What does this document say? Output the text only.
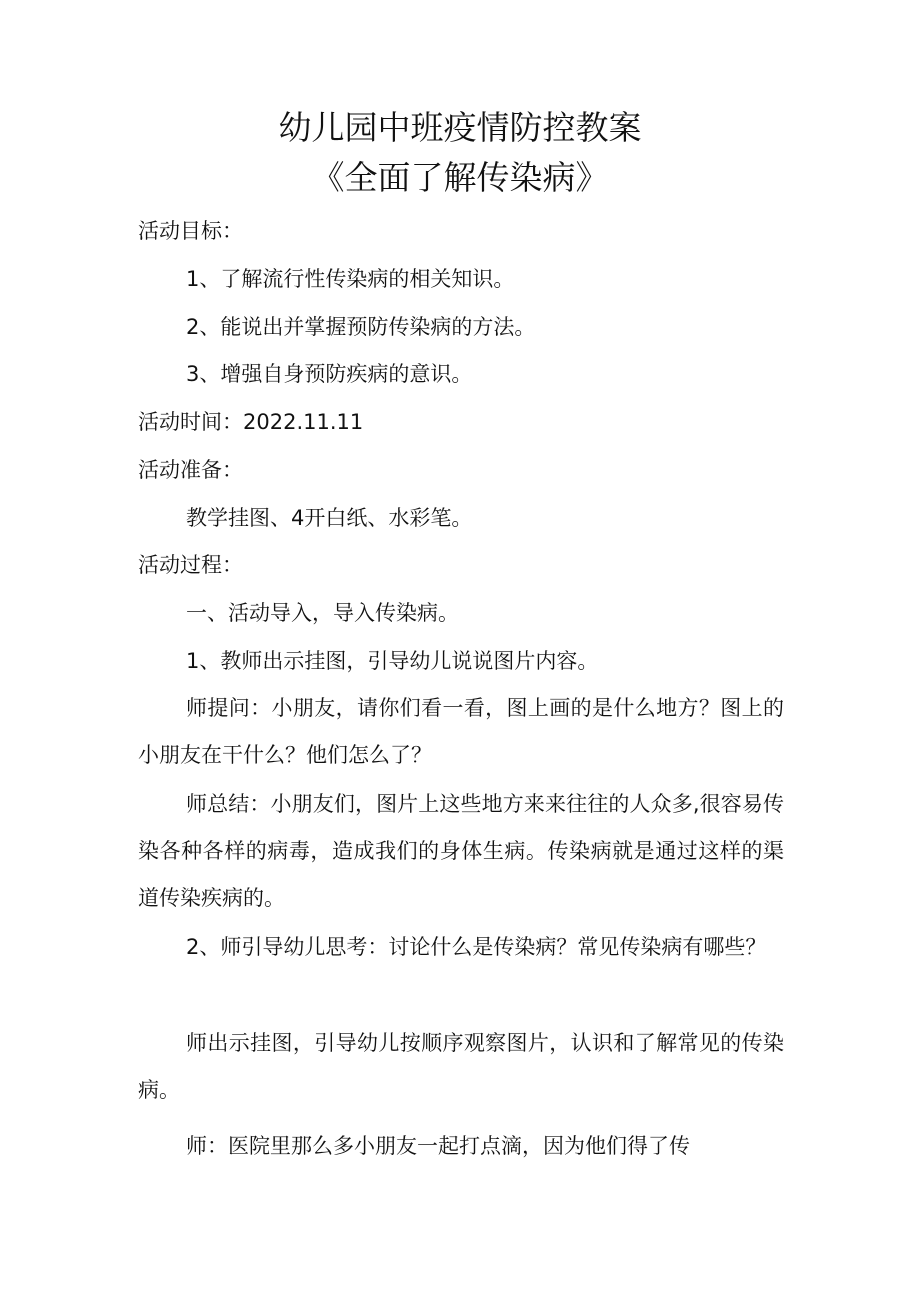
幼儿园中班疫情防控教案
《全面了解传染病》
活动目标：
1、了解流行性传染病的相关知识。
2、能说出并掌握预防传染病的方法。
3、增强自身预防疾病的意识。
活动时间：2022.11.11
活动准备：
教学挂图、4开白纸、水彩笔。
活动过程：
一、活动导入，导入传染病。
1、教师出示挂图，引导幼儿说说图片内容。
师提问：小朋友，请你们看一看，图上画的是什么地方？图上的小朋友在干什么？他们怎么了？
师总结：小朋友们，图片上这些地方来来往往的人众多,很容易传染各种各样的病毒，造成我们的身体生病。传染病就是通过这样的渠道传染疾病的。
2、师引导幼儿思考：讨论什么是传染病？常见传染病有哪些？
师出示挂图，引导幼儿按顺序观察图片，认识和了解常见的传染病。
师：医院里那么多小朋友一起打点滴，因为他们得了传
